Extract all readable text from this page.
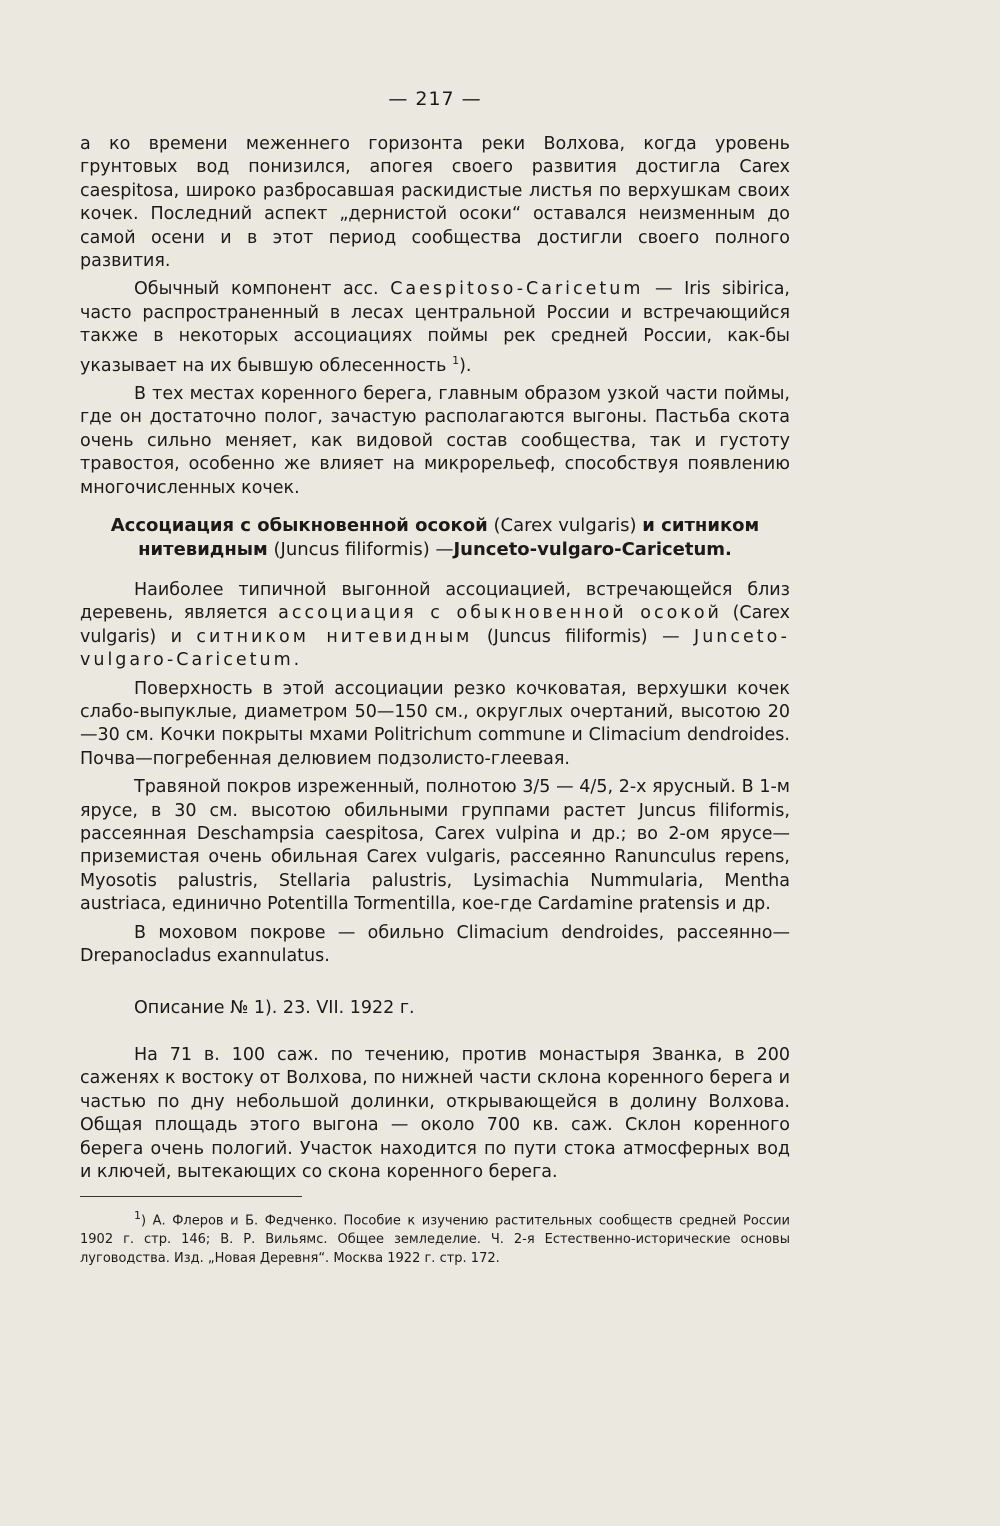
— 217 —

а ко времени меженнего горизонта реки Волхова, когда уровень грунтовых вод понизился, апогея своего развития достигла Carex caespitosa, широко разбросавшая раскидистые листья по верхушкам своих кочек. Последний аспект „дернистой осоки“ оставался неизменным до самой осени и в этот период сообщества достигли своего полного развития.

Обычный компонент асс. Caespitoso-Caricetum — Iris sibirica, часто распространенный в лесах центральной России и встречающийся также в некоторых ассоциациях поймы рек средней России, как-бы указывает на их бывшую облесенность $^1$).

В тех местах коренного берега, главным образом узкой части поймы, где он достаточно полог, зачастую располагаются выгоны. Пастьба скота очень сильно меняет, как видовой состав сообщества, так и густоту травостоя, особенно же влияет на микрорельеф, способствуя появлению многочисленных кочек.

Ассоциация с обыкновенной осокой (Carex vulgaris) и ситником нитевидным (Juncus filiformis) —Junceto-vulgaro-Caricetum.

Наиболее типичной выгонной ассоциацией, встречающейся близ деревень, является ассоциация с обыкновенной осокой (Carex vulgaris) и ситником нитевидным (Juncus filiformis) — Junceto-vulgaro-Caricetum.

Поверхность в этой ассоциации резко кочковатая, верхушки кочек слабо-выпуклые, диаметром 50—150 см., округлых очертаний, высотою 20—30 см. Кочки покрыты мхами Politrichum commune и Climacium dendroides. Почва—погребенная делювием подзолисто-глеевая.

Травяной покров изреженный, полнотою 3/5 — 4/5, 2-х ярусный. В 1-м ярусе, в 30 см. высотою обильными группами растет Juncus filiformis, рассеянная Deschampsia caespitosa, Carex vulpina и др.; во 2-ом ярусе—приземистая очень обильная Carex vulgaris, рассеянно Ranunculus repens, Myosotis palustris, Stellaria palustris, Lysimachia Nummularia, Mentha austriaca, единично Potentilla Tormentilla, кое-где Cardamine pratensis и др.

В моховом покрове — обильно Climacium dendroides, рассеянно— Drepanocladus exannulatus.

Описание № 1). 23. VII. 1922 г.

На 71 в. 100 саж. по течению, против монастыря Званка, в 200 саженях к востоку от Волхова, по нижней части склона коренного берега и частью по дну небольшой долинки, открывающейся в долину Волхова. Общая площадь этого выгона — около 700 кв. саж. Склон коренного берега очень пологий. Участок находится по пути стока атмосферных вод и ключей, вытекающих со скона коренного берега.

$^1$) А. Флеров и Б. Федченко. Пособие к изучению растительных сообществ средней России 1902 г. стр. 146; В. Р. Вильямс. Общее земледелие. Ч. 2-я Естественно-исторические основы луговодства. Изд. „Новая Деревня“. Москва 1922 г. стр. 172.
